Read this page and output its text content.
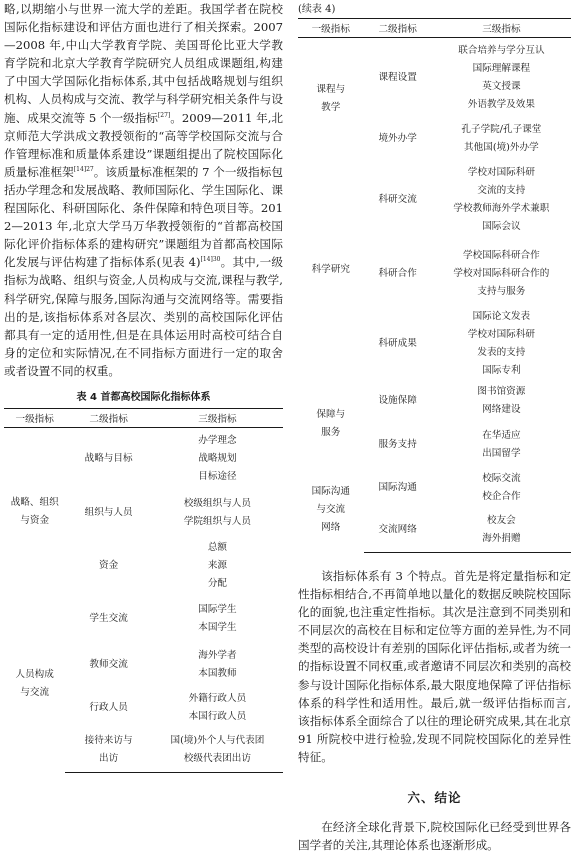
略,以期缩小与世界一流大学的差距。我国学者在院校国际化指标建设和评估方面也进行了相关探索。2007—2008 年,中山大学教育学院、美国哥伦比亚大学教育学院和北京大学教育学院研究人员组成课题组,构建了中国大学国际化指标体系,其中包括战略规划与组织机构、人员构成与交流、教学与科学研究相关条件与设施、成果交流等 5 个一级指标[27]。2009—2011 年,北京师范大学洪成文教授领衔的“高等学校国际交流与合作管理标准和质量体系建设”课题组提出了院校国际化质量标准框架$^{[14]27}$。该质量标准框架的 7 个一级指标包括办学理念和发展战略、教师国际化、学生国际化、课程国际化、科研国际化、条件保障和特色项目等。2012—2013 年,北京大学马万华教授领衔的“首都高校国际化评价指标体系的建构研究”课题组为首都高校国际化发展与评估构建了指标体系(见表 4)$^{[14]30}$。其中,一级指标为战略、组织与资金,人员构成与交流,课程与教学,科学研究,保障与服务,国际沟通与交流网络等。需要指出的是,该指标体系对各层次、类别的高校国际化评估都具有一定的适用性,但是在具体运用时高校可结合自身的定位和实际情况,在不同指标方面进行一定的取舍或者设置不同的权重。

表 4 首都高校国际化指标体系
一级指标	二级指标	三级指标

战略、组织
与资金	战略与目标	办学理念
战略规划
目标途径

	组织与人员	校级组织与人员
学院组织与人员

	资金	总额
来源
分配

人员构成
与交流	学生交流	国际学生
本国学生

	教师交流	海外学者
本国教师

	行政人员	外籍行政人员
本国行政人员

	接待来访与
出访	国(境)外个人与代表团
校级代表团出访
(续表 4)
一级指标	二级指标	三级指标

课程与
教学	课程设置	联合培养与学分互认
国际理解课程
英文授课
外语教学及效果

	境外办学	孔子学院/孔子课堂
其他国(境)外办学

科学研究	科研交流	学校对国际科研
交流的支持
学校教师海外学术兼职
国际会议

	科研合作	学校国际科研合作
学校对国际科研合作的
支持与服务

	科研成果	国际论文发表
学校对国际科研
发表的支持
国际专利

保障与
服务	设施保障	图书馆资源
网络建设

	服务支持	在华适应
出国留学

国际沟通
与交流
网络	国际沟通	校际交流
校企合作

	交流网络	校友会
海外捐赠

该指标体系有 3 个特点。首先是将定量指标和定性指标相结合,不再简单地以量化的数据反映院校国际化的面貌,也注重定性指标。其次是注意到不同类别和不同层次的高校在目标和定位等方面的差异性,为不同类型的高校设计有差别的国际化评估指标,或者为统一的指标设置不同权重,或者邀请不同层次和类别的高校参与设计国际化指标体系,最大限度地保障了评估指标体系的科学性和适用性。最后,就一级评估指标而言,该指标体系全面综合了以往的理论研究成果,其在北京 91 所院校中进行检验,发现不同院校国际化的差异性特征。

六、结论

在经济全球化背景下,院校国际化已经受到世界各国学者的关注,其理论体系也逐渐形成。
